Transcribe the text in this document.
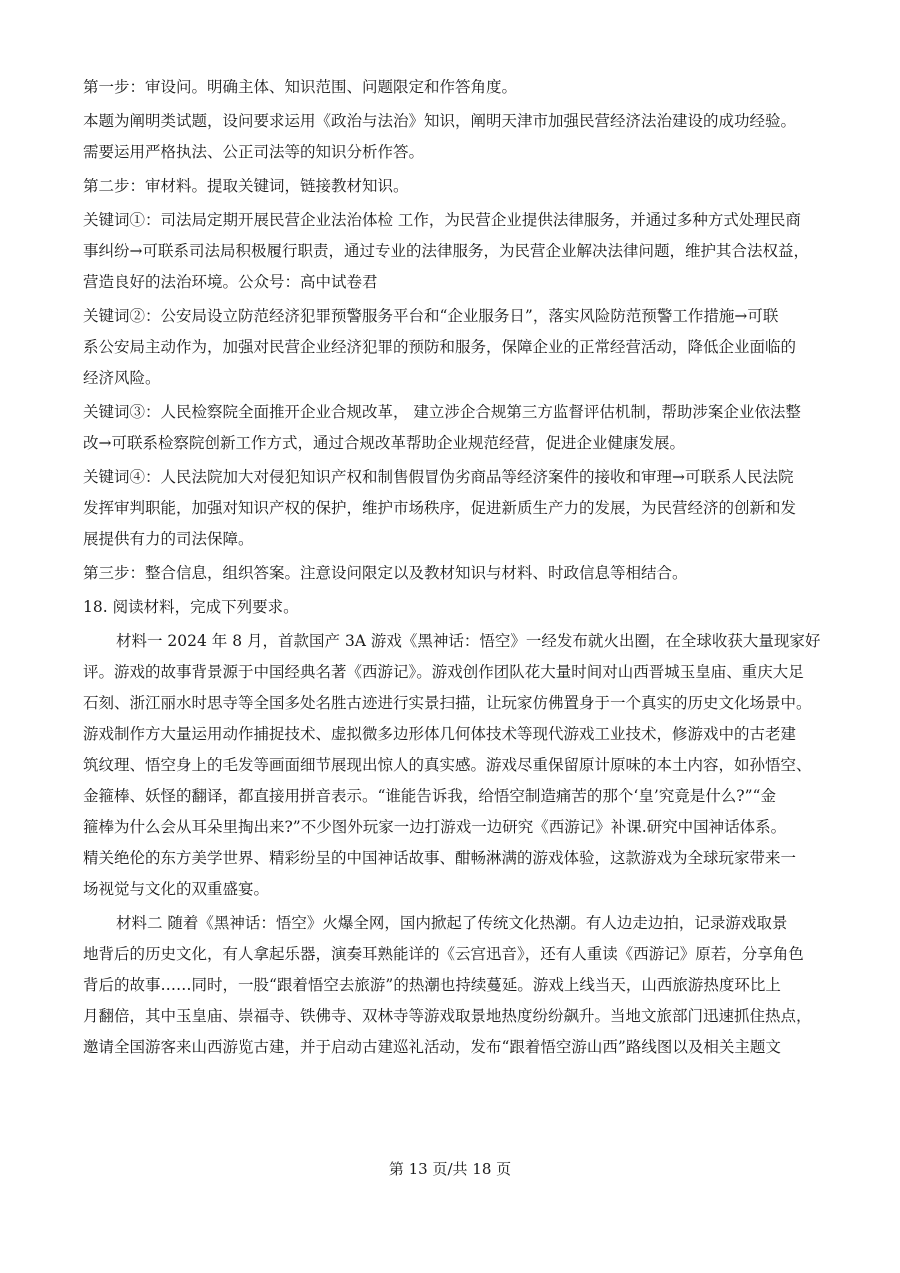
第一步：审设问。明确主体、知识范围、问题限定和作答角度。

本题为阐明类试题，设问要求运用《政治与法治》知识，阐明天津市加强民营经济法治建设的成功经验。

需要运用严格执法、公正司法等的知识分析作答。

第二步：审材料。提取关键词，链接教材知识。

关键词①：司法局定期开展民营企业法治体检 工作，为民营企业提供法律服务，并通过多种方式处理民商

事纠纷→可联系司法局积极履行职责，通过专业的法律服务，为民营企业解决法律问题，维护其合法权益，

营造良好的法治环境。公众号：高中试卷君

关键词②：公安局设立防范经济犯罪预警服务平台和“企业服务日”，落实风险防范预警工作措施→可联

系公安局主动作为，加强对民营企业经济犯罪的预防和服务，保障企业的正常经营活动，降低企业面临的

经济风险。

关键词③：人民检察院全面推开企业合规改革， 建立涉企合规第三方监督评估机制，帮助涉案企业依法整

改→可联系检察院创新工作方式，通过合规改革帮助企业规范经营，促进企业健康发展。

关键词④：人民法院加大对侵犯知识产权和制售假冒伪劣商品等经济案件的接收和审理→可联系人民法院

发挥审判职能，加强对知识产权的保护，维护市场秩序，促进新质生产力的发展，为民营经济的创新和发

展提供有力的司法保障。

第三步：整合信息，组织答案。注意设问限定以及教材知识与材料、时政信息等相结合。

18. 阅读材料，完成下列要求。

材料一 2024 年 8 月，首款国产 3A 游戏《黑神话：悟空》一经发布就火出圈，在全球收获大量现家好

评。游戏的故事背景源于中国经典名著《西游记》。游戏创作团队花大量时间对山西晋城玉皇庙、重庆大足

石刻、浙江丽水时思寺等全国多处名胜古迹进行实景扫描，让玩家仿佛置身于一个真实的历史文化场景中。

游戏制作方大量运用动作捕捉技术、虚拟微多边形体几何体技术等现代游戏工业技术，修游戏中的古老建

筑纹理、悟空身上的毛发等画面细节展现出惊人的真实感。游戏尽重保留原计原味的本土内容，如孙悟空、

金箍棒、妖怪的翻译，都直接用拼音表示。“谁能告诉我，给悟空制造痛苦的那个‘皇’究竟是什么?”“金

箍棒为什么会从耳朵里掏出来?”不少图外玩家一边打游戏一边研究《西游记》补课.研究中国神话体系。

精关绝伦的东方美学世界、精彩纷呈的中国神话故事、酣畅淋满的游戏体验，这款游戏为全球玩家带来一

场视觉与文化的双重盛宴。

材料二 随着《黑神话：悟空》火爆全网，国内掀起了传统文化热潮。有人边走边拍，记录游戏取景

地背后的历史文化，有人拿起乐器，演奏耳熟能详的《云宫迅音》，还有人重读《西游记》原若，分享角色

背后的故事……同时，一股“跟着悟空去旅游”的热潮也持续蔓延。游戏上线当天，山西旅游热度环比上

月翻倍，其中玉皇庙、崇福寺、铁佛寺、双林寺等游戏取景地热度纷纷飙升。当地文旅部门迅速抓住热点，

邀请全国游客来山西游览古建，并于启动古建巡礼活动，发布“跟着悟空游山西”路线图以及相关主题文

第 13 页/共 18 页
